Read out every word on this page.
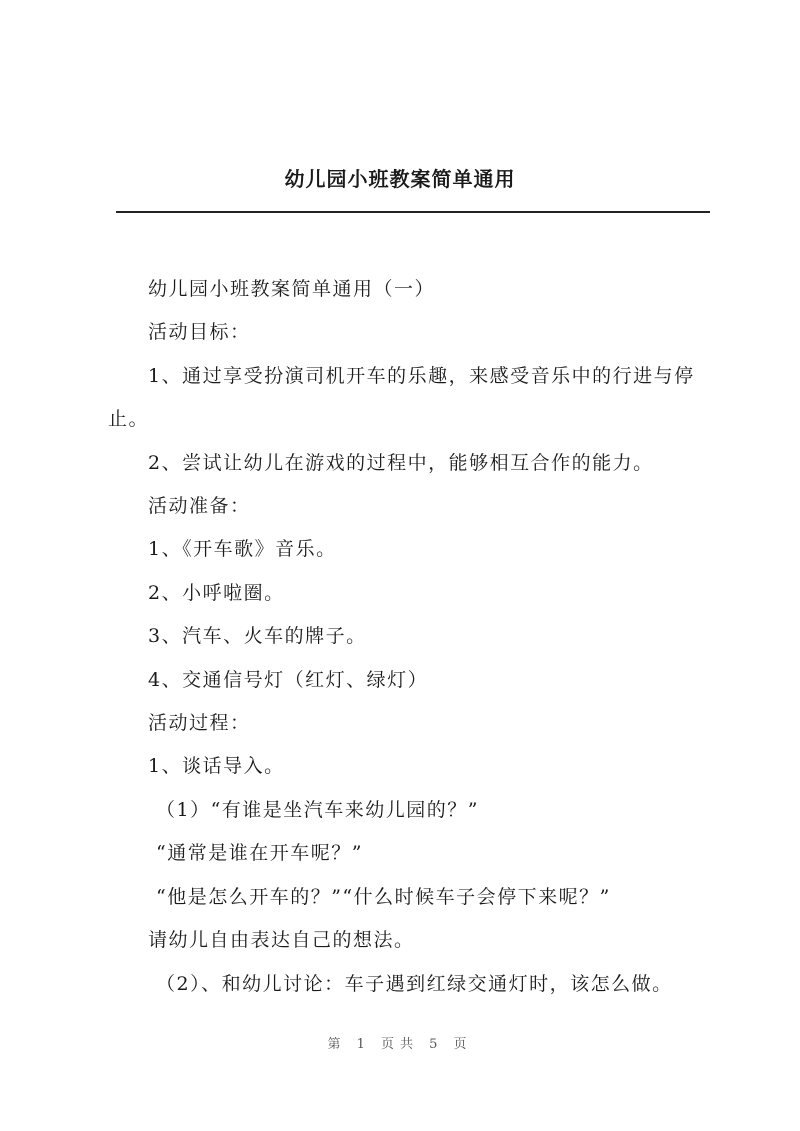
幼儿园小班教案简单通用

幼儿园小班教案简单通用（一）

活动目标：

1、通过享受扮演司机开车的乐趣，来感受音乐中的行进与停止。

2、尝试让幼儿在游戏的过程中，能够相互合作的能力。

活动准备：

1、《开车歌》音乐。

2、小呼啦圈。

3、汽车、火车的牌子。

4、交通信号灯（红灯、绿灯）

活动过程：

1、谈话导入。

（1）“有谁是坐汽车来幼儿园的？”

“通常是谁在开车呢？”

“他是怎么开车的？”“什么时候车子会停下来呢？”

请幼儿自由表达自己的想法。

（2）、和幼儿讨论：车子遇到红绿交通灯时，该怎么做。

第 1 页共 5 页
